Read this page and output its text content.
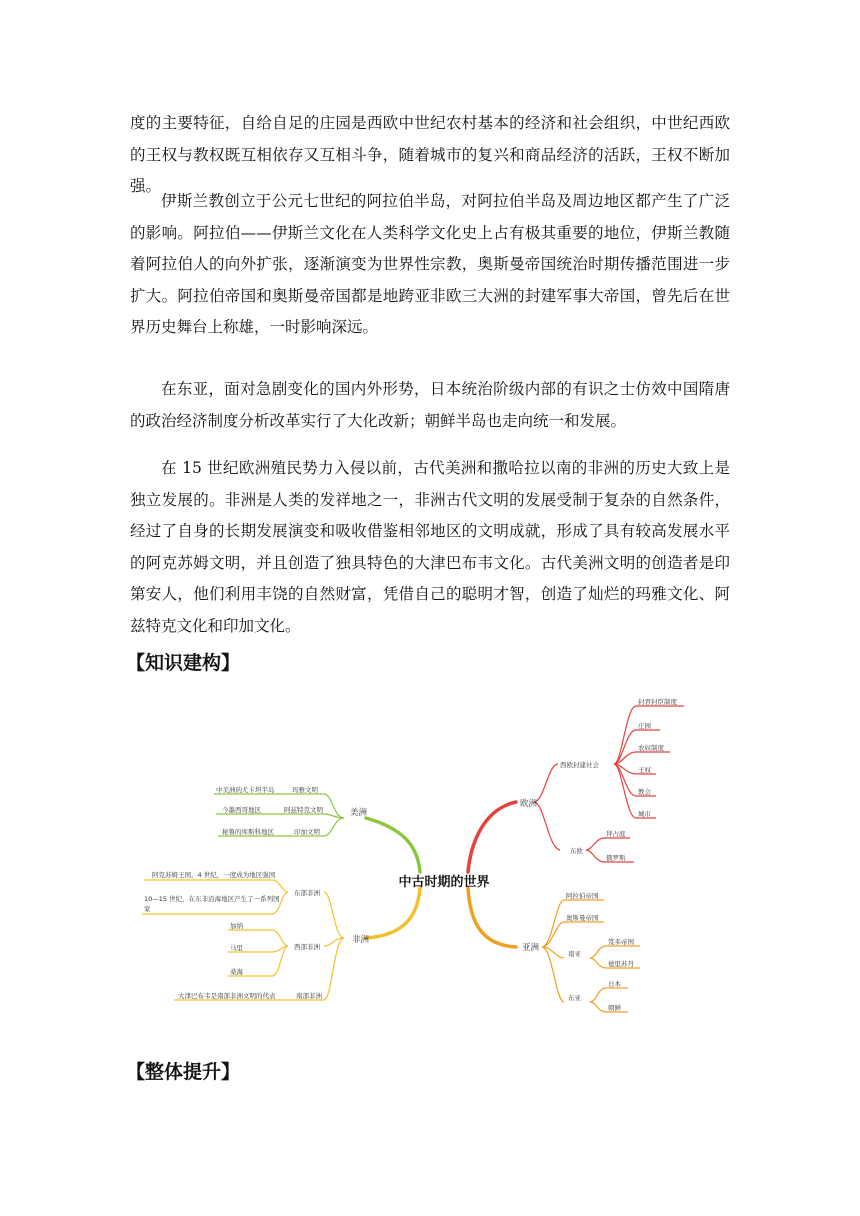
度的主要特征，自给自足的庄园是西欧中世纪农村基本的经济和社会组织，中世纪西欧的王权与教权既互相依存又互相斗争，随着城市的复兴和商品经济的活跃，王权不断加强。

伊斯兰教创立于公元七世纪的阿拉伯半岛，对阿拉伯半岛及周边地区都产生了广泛的影响。阿拉伯——伊斯兰文化在人类科学文化史上占有极其重要的地位，伊斯兰教随着阿拉伯人的向外扩张，逐渐演变为世界性宗教，奥斯曼帝国统治时期传播范围进一步扩大。阿拉伯帝国和奥斯曼帝国都是地跨亚非欧三大洲的封建军事大帝国，曾先后在世界历史舞台上称雄，一时影响深远。

在东亚，面对急剧变化的国内外形势，日本统治阶级内部的有识之士仿效中国隋唐的政治经济制度分析改革实行了大化改新；朝鲜半岛也走向统一和发展。

在 15 世纪欧洲殖民势力入侵以前，古代美洲和撒哈拉以南的非洲的历史大致上是独立发展的。非洲是人类的发祥地之一，非洲古代文明的发展受制于复杂的自然条件，经过了自身的长期发展演变和吸收借鉴相邻地区的文明成就，形成了具有较高发展水平的阿克苏姆文明，并且创造了独具特色的大津巴布韦文化。古代美洲文明的创造者是印第安人，他们利用丰饶的自然财富，凭借自己的聪明才智，创造了灿烂的玛雅文化、阿兹特克文化和印加文化。

【知识建构】
中古时期的世界
欧洲
西欧封建社会
封君封臣制度
庄园
农奴制度
王权
教会
城市
东欧
拜占庭
俄罗斯
亚洲
阿拉伯帝国
奥斯曼帝国
南亚
笈多帝国
德里苏丹
东亚
日本
朝鲜
美洲
玛雅文明
中美洲的尤卡坦半岛
阿兹特克文明
今墨西哥地区
印加文明
秘鲁的库斯科地区
非洲
东部非洲
阿克苏姆王国，4 世纪，一度成为地区强国
10—15 世纪，在东非沿海地区产生了一系列国
家
西部非洲
加纳
马里
桑海
南部非洲
大津巴布韦是南部非洲文明的代表
【整体提升】
